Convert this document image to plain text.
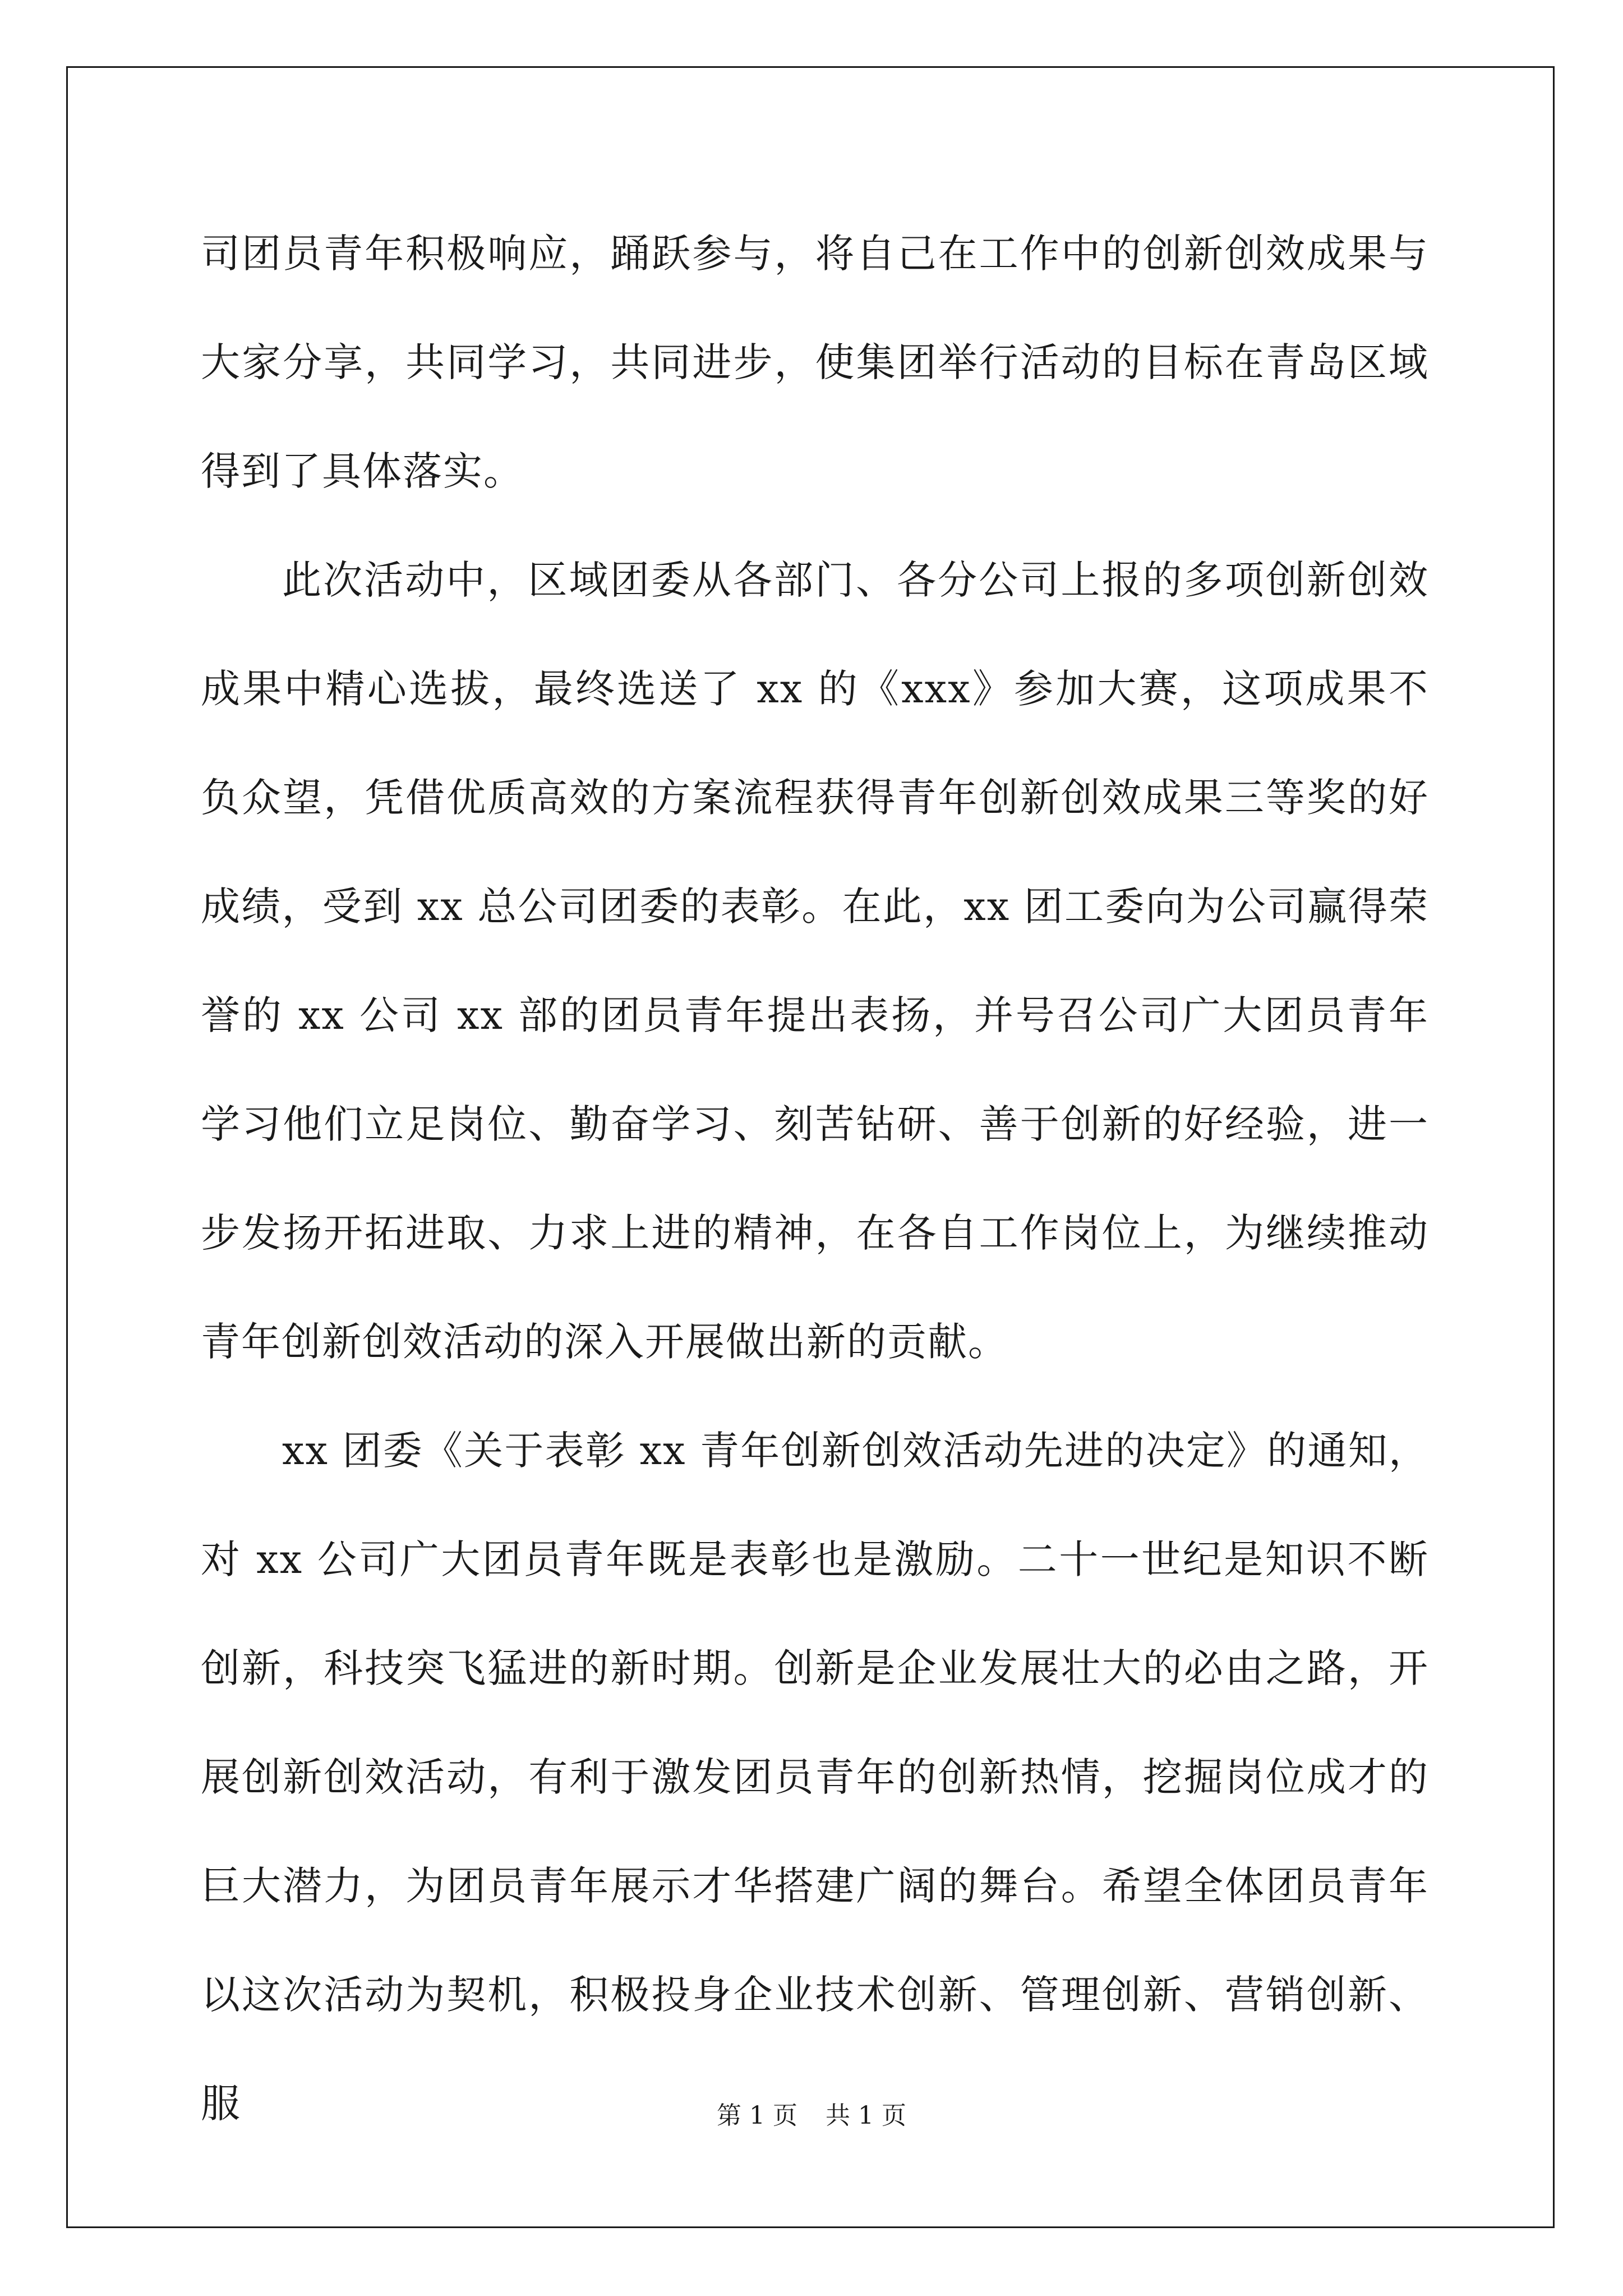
司团员青年积极响应，踊跃参与，将自己在工作中的创新创效成果与大家分享，共同学习，共同进步，使集团举行活动的目标在青岛区域得到了具体落实。

此次活动中，区域团委从各部门、各分公司上报的多项创新创效成果中精心选拔，最终选送了 xx 的《xxx》参加大赛，这项成果不负众望，凭借优质高效的方案流程获得青年创新创效成果三等奖的好成绩，受到 xx 总公司团委的表彰。在此，xx 团工委向为公司赢得荣誉的 xx 公司 xx 部的团员青年提出表扬，并号召公司广大团员青年学习他们立足岗位、勤奋学习、刻苦钻研、善于创新的好经验，进一步发扬开拓进取、力求上进的精神，在各自工作岗位上，为继续推动青年创新创效活动的深入开展做出新的贡献。

xx 团委《关于表彰 xx 青年创新创效活动先进的决定》的通知，对 xx 公司广大团员青年既是表彰也是激励。二十一世纪是知识不断创新，科技突飞猛进的新时期。创新是企业发展壮大的必由之路，开展创新创效活动，有利于激发团员青年的创新热情，挖掘岗位成才的巨大潜力，为团员青年展示才华搭建广阔的舞台。希望全体团员青年以这次活动为契机，积极投身企业技术创新、管理创新、营销创新、服	第 1 页 共 1 页
